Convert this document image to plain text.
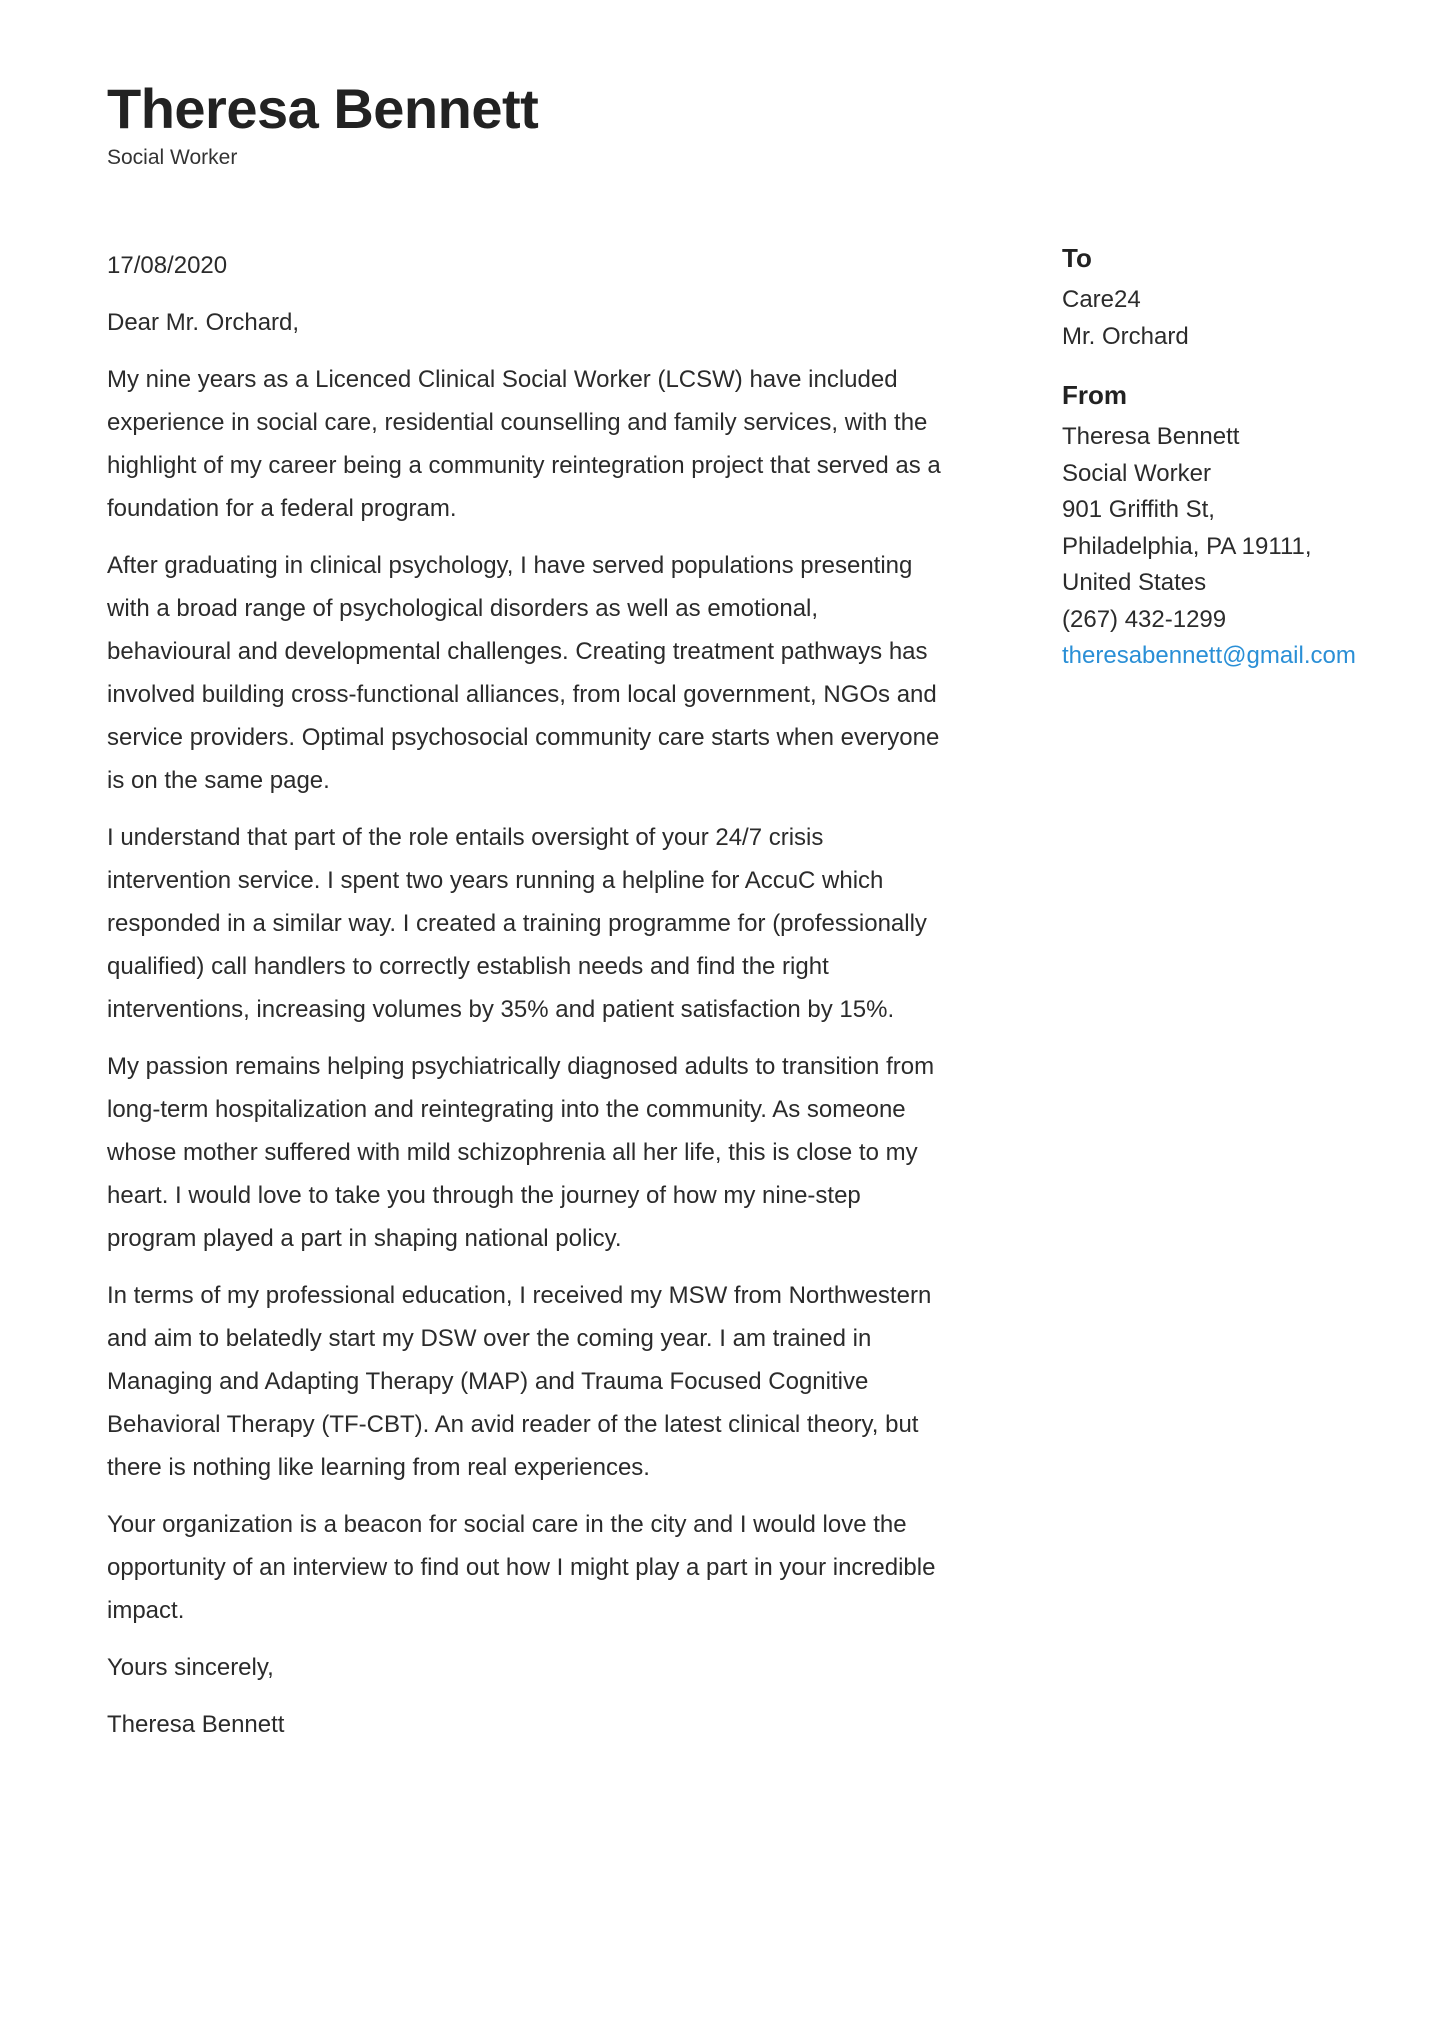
Theresa Bennett
Social Worker

17/08/2020

Dear Mr. Orchard,

My nine years as a Licenced Clinical Social Worker (LCSW) have included experience in social care, residential counselling and family services, with the highlight of my career being a community reintegration project that served as a foundation for a federal program.

After graduating in clinical psychology, I have served populations presenting with a broad range of psychological disorders as well as emotional, behavioural and developmental challenges. Creating treatment pathways has involved building cross-functional alliances, from local government, NGOs and service providers. Optimal psychosocial community care starts when everyone is on the same page.

I understand that part of the role entails oversight of your 24/7 crisis intervention service. I spent two years running a helpline for AccuC which responded in a similar way. I created a training programme for (professionally qualified) call handlers to correctly establish needs and find the right interventions, increasing volumes by 35% and patient satisfaction by 15%.

My passion remains helping psychiatrically diagnosed adults to transition from long-term hospitalization and reintegrating into the community. As someone whose mother suffered with mild schizophrenia all her life, this is close to my heart. I would love to take you through the journey of how my nine-step program played a part in shaping national policy.

In terms of my professional education, I received my MSW from Northwestern and aim to belatedly start my DSW over the coming year. I am trained in Managing and Adapting Therapy (MAP) and Trauma Focused Cognitive Behavioral Therapy (TF-CBT). An avid reader of the latest clinical theory, but there is nothing like learning from real experiences.

Your organization is a beacon for social care in the city and I would love the opportunity of an interview to find out how I might play a part in your incredible impact.

Yours sincerely,

Theresa Bennett

To
Care24
Mr. Orchard
From
Theresa Bennett
Social Worker
901 Griffith St,
Philadelphia, PA 19111,
United States
(267) 432-1299
theresabennett@gmail.com
